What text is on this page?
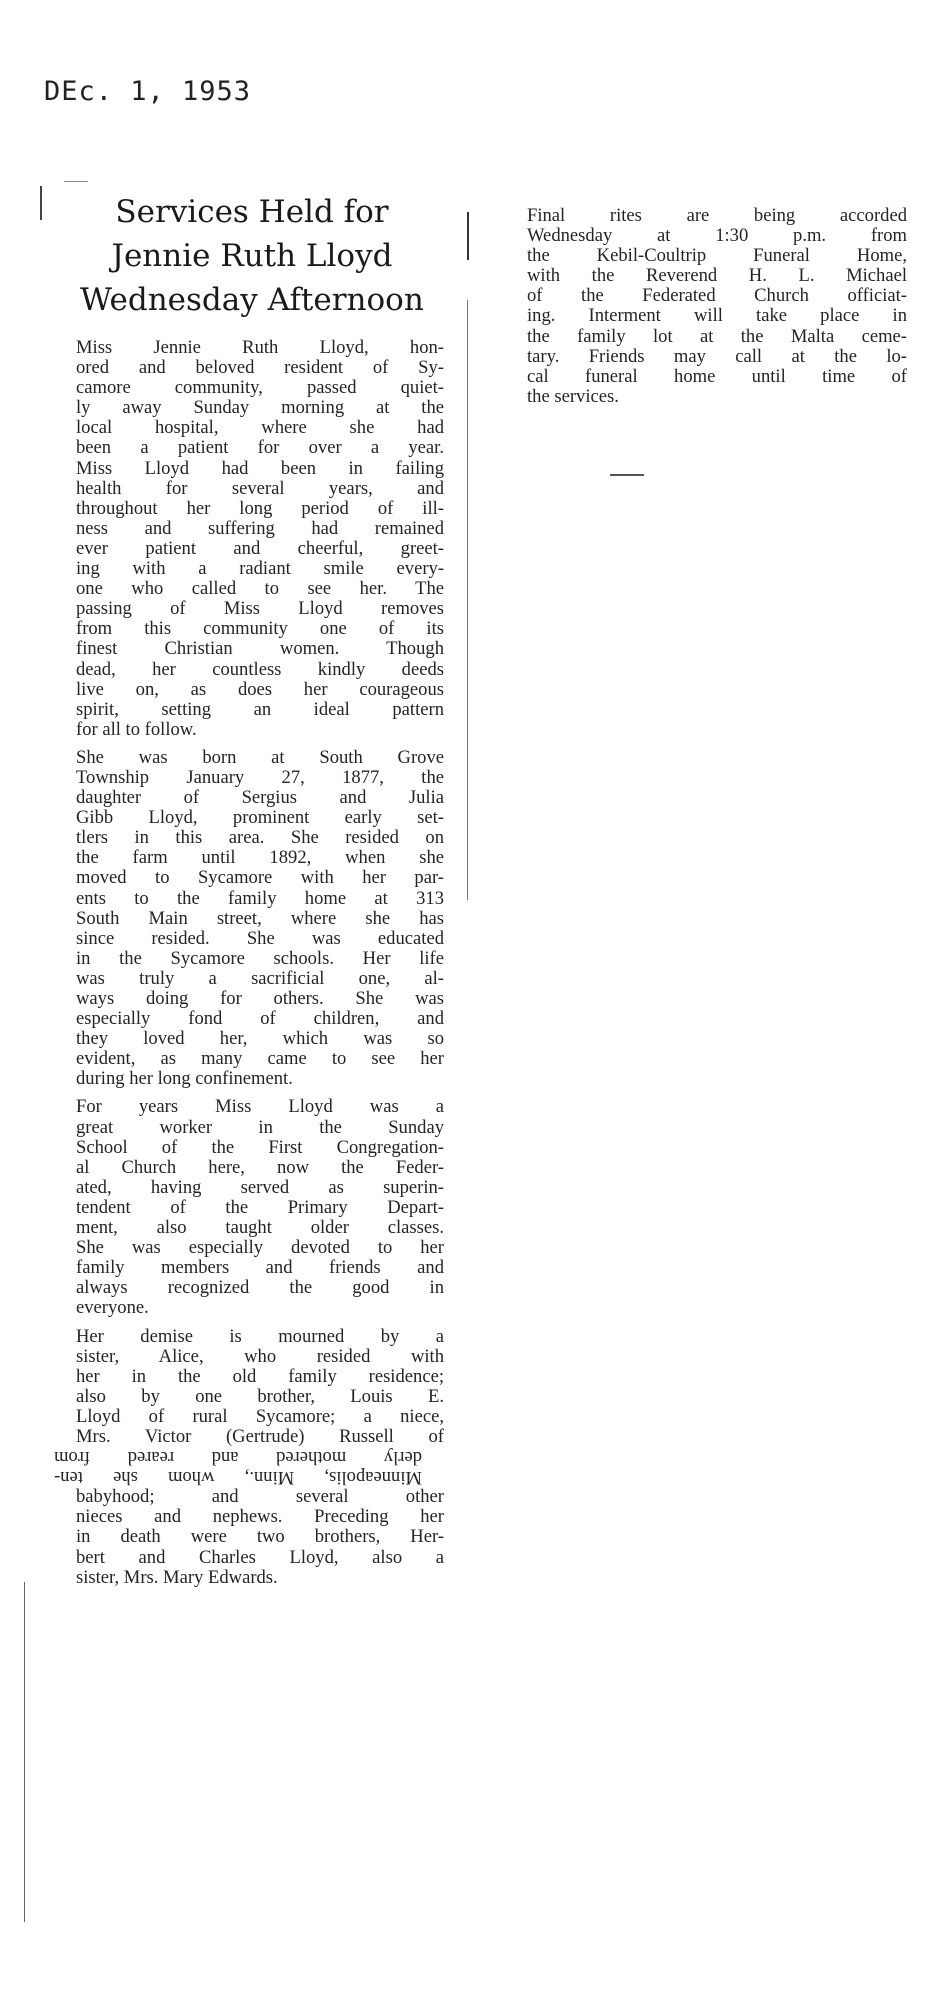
DEc. 1, 1953
Services Held for
Jennie Ruth Lloyd
Wednesday Afternoon

Miss Jennie Ruth Lloyd, hon-
ored and beloved resident of Sy-
camore community, passed quiet-
ly away Sunday morning at the
local hospital, where she had
been a patient for over a year.
Miss Lloyd had been in failing
health for several years, and
throughout her long period of ill-
ness and suffering had remained
ever patient and cheerful, greet-
ing with a radiant smile every-
one who called to see her. The
passing of Miss Lloyd removes
from this community one of its
finest Christian women. Though
dead, her countless kindly deeds
live on, as does her courageous
spirit, setting an ideal pattern
for all to follow.

She was born at South Grove
Township January 27, 1877, the
daughter of Sergius and Julia
Gibb Lloyd, prominent early set-
tlers in this area. She resided on
the farm until 1892, when she
moved to Sycamore with her par-
ents to the family home at 313
South Main street, where she has
since resided. She was educated
in the Sycamore schools. Her life
was truly a sacrificial one, al-
ways doing for others. She was
especially fond of children, and
they loved her, which was so
evident, as many came to see her
during her long confinement.

For years Miss Lloyd was a
great worker in the Sunday
School of the First Congregation-
al Church here, now the Feder-
ated, having served as superin-
tendent of the Primary Depart-
ment, also taught older classes.
She was especially devoted to her
family members and friends and
always recognized the good in
everyone.

Her demise is mourned by a
sister, Alice, who resided with
her in the old family residence;
also by one brother, Louis E.
Lloyd of rural Sycamore; a niece,
Mrs. Victor (Gertrude) Russell of
derly mothered and reared from
Minneapolis, Minn., whom she ten-
babyhood; and several other
nieces and nephews. Preceding her
in death were two brothers, Her-
bert and Charles Lloyd, also a
sister, Mrs. Mary Edwards.

Final rites are being accorded
Wednesday at 1:30 p.m. from
the Kebil-Coultrip Funeral Home,
with the Reverend H. L. Michael
of the Federated Church officiat-
ing. Interment will take place in
the family lot at the Malta ceme-
tary. Friends may call at the lo-
cal funeral home until time of
the services.
